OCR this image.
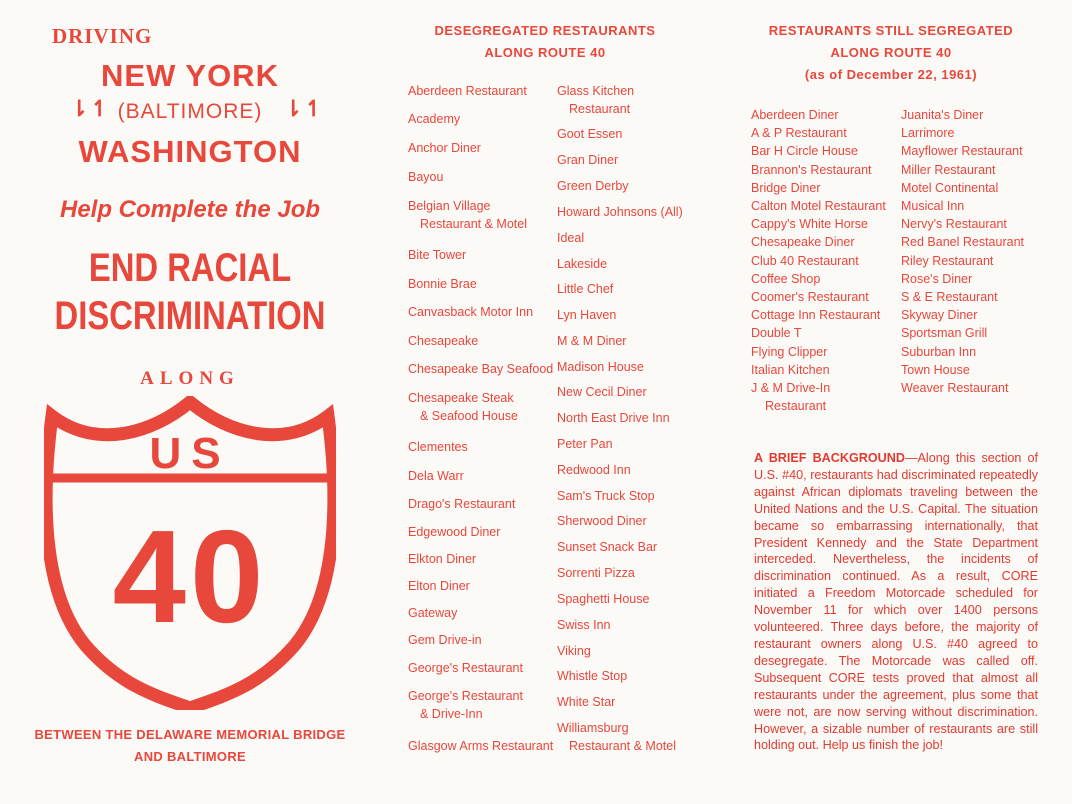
DRIVING
NEW YORK
⇂↿ (BALTIMORE) ⇂↿
WASHINGTON
Help Complete the Job
END RACIAL
DISCRIMINATION
ALONG
US
40
BETWEEN THE DELAWARE MEMORIAL BRIDGE
AND BALTIMORE
DESEGREGATED RESTAURANTS
ALONG ROUTE 40
Aberdeen Restaurant
Academy
Anchor Diner
Bayou
Belgian Village
Restaurant & Motel
Bite Tower
Bonnie Brae
Canvasback Motor Inn
Chesapeake
Chesapeake Bay Seafood
Chesapeake Steak
& Seafood House
Clementes
Dela Warr
Drago's Restaurant
Edgewood Diner
Elkton Diner
Elton Diner
Gateway
Gem Drive-in
George's Restaurant
George's Restaurant
& Drive-Inn
Glasgow Arms Restaurant
Glass Kitchen
Restaurant
Goot Essen
Gran Diner
Green Derby
Howard Johnsons (All)
Ideal
Lakeside
Little Chef
Lyn Haven
M & M Diner
Madison House
New Cecil Diner
North East Drive Inn
Peter Pan
Redwood Inn
Sam's Truck Stop
Sherwood Diner
Sunset Snack Bar
Sorrenti Pizza
Spaghetti House
Swiss Inn
Viking
Whistle Stop
White Star
Williamsburg
Restaurant & Motel
RESTAURANTS STILL SEGREGATED
ALONG ROUTE 40
(as of December 22, 1961)
Aberdeen Diner
A & P Restaurant
Bar H Circle House
Brannon's Restaurant
Bridge Diner
Calton Motel Restaurant
Cappy's White Horse
Chesapeake Diner
Club 40 Restaurant
Coffee Shop
Coomer's Restaurant
Cottage Inn Restaurant
Double T
Flying Clipper
Italian Kitchen
J & M Drive-In
Restaurant
Juanita's Diner
Larrimore
Mayflower Restaurant
Miller Restaurant
Motel Continental
Musical Inn
Nervy's Restaurant
Red Banel Restaurant
Riley Restaurant
Rose's Diner
S & E Restaurant
Skyway Diner
Sportsman Grill
Suburban Inn
Town House
Weaver Restaurant
A BRIEF BACKGROUND—Along this section of U.S. #40, restaurants had discriminated repeatedly against African diplomats traveling between the United Nations and the U.S. Capital. The situation became so embarrassing internationally, that President Kennedy and the State Department interceded. Nevertheless, the incidents of discrimination continued. As a result, CORE initiated a Freedom Motorcade scheduled for November 11 for which over 1400 persons volunteered. Three days before, the majority of restaurant owners along U.S. #40 agreed to desegregate. The Motorcade was called off. Subsequent CORE tests proved that almost all restaurants under the agreement, plus some that were not, are now serving without discrimination. However, a sizable number of restaurants are still holding out. Help us finish the job!
